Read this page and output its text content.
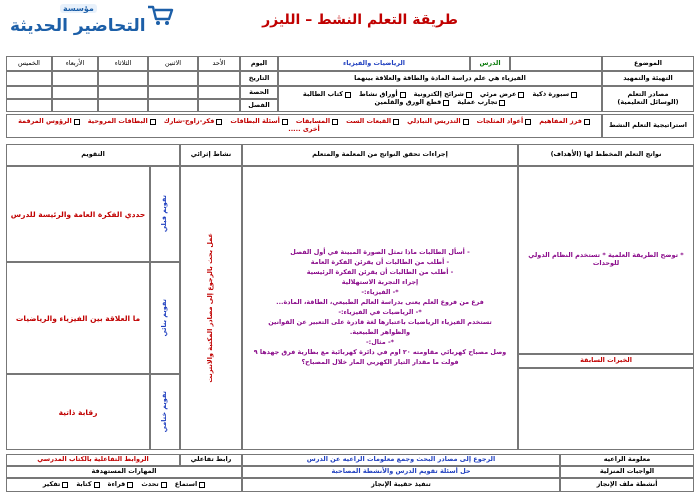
مؤسسة
التحاضير الحديثة	طريقة التعلم النشط – الليزر
الموضوع
الدرس
الرياضيات والفيزياء
اليوم
الأحد
الاثنين
الثلاثاء
الأربعاء
الخميس
التهيئة والتمهيد
الفيزياء هي علم دراسة المادة والطاقة والعلاقة بينهما
التاريخ
مصادر التعلم
(الوسائل التعليمية)
سبورة ذكية
عرض مرئي
شرائح إلكترونية
أوراق نشاط
كتاب الطالبة
تجارب عملية
قطع الورق والقلمين
الحصة
الفصل
استراتيجية التعلم النشط
فرز المفاهيم
أعواد المثلجات
التدريس التبادلي
القبعات الست
المسابقات
أسئلة البطاقات
فكر-زاوج-شارك
البطاقات المروحية
الرؤوس المرقمة
أخرى .....
نواتج التعلم المخطط لها (الأهداف)
إجراءات تحقق النواتج من المعلمة والمتعلم
نشاط إثرائي
التقويم
* توضح الطريقة العلمية * تستخدم النظام الدولي للوحدات
الخبرات السابقة
- أسأل الطالبات ماذا تمثل الصورة المبينة في أول الفصل
- أطلب من الطالبات أن يقرئن الفكرة العامة
- أطلب من الطالبات أن يقرئن الفكرة الرئيسية
إجراء التجربة الاستهلالية
*- الفيزياء:-
فرع من فروع العلم يعنى بدراسة العالم الطبيعي، الطاقة، المادة...
*- الرياضيات في الفيزياء:-
تستخدم الفيزياء الرياضيات باعتبارها لغة قادرة على التعبير عن القوانين والظواهر الطبيعية.
*- مثال:-
وصل مصباح كهربائي مقاومته ٢٠ اوم في دائرة كهربائية مع بطارية فرق جهدها ٩ فولت ما مقدار التيار الكهربي المار خلال المصباح؟
عمل بحث بالرجوع إلى مصادر المكتبة والانترنت
تقويم قبلي
حددي الفكرة العامة والرئيسة للدرس
تقويم بنائي
ما العلاقة بين الفيزياء والرياضيات
تقويم ختامي
رقابة ذاتية
معلومة الراعيه
الرجوع إلى مصادر البحث وجمع معلومات الراعيه عن الدرس
رابط تفاعلي
الروابط التفاعلية بالكتاب المدرسي
الواجبات المنزلية
حل أسئلة تقويم الدرس والأنشطة المصاحبة
المهارات المستهدفة
أنشطة ملف الإنجاز
تنفيذ حقيبة الإنجاز
استماع
تحدث
قراءة
كتابة
تفكير
